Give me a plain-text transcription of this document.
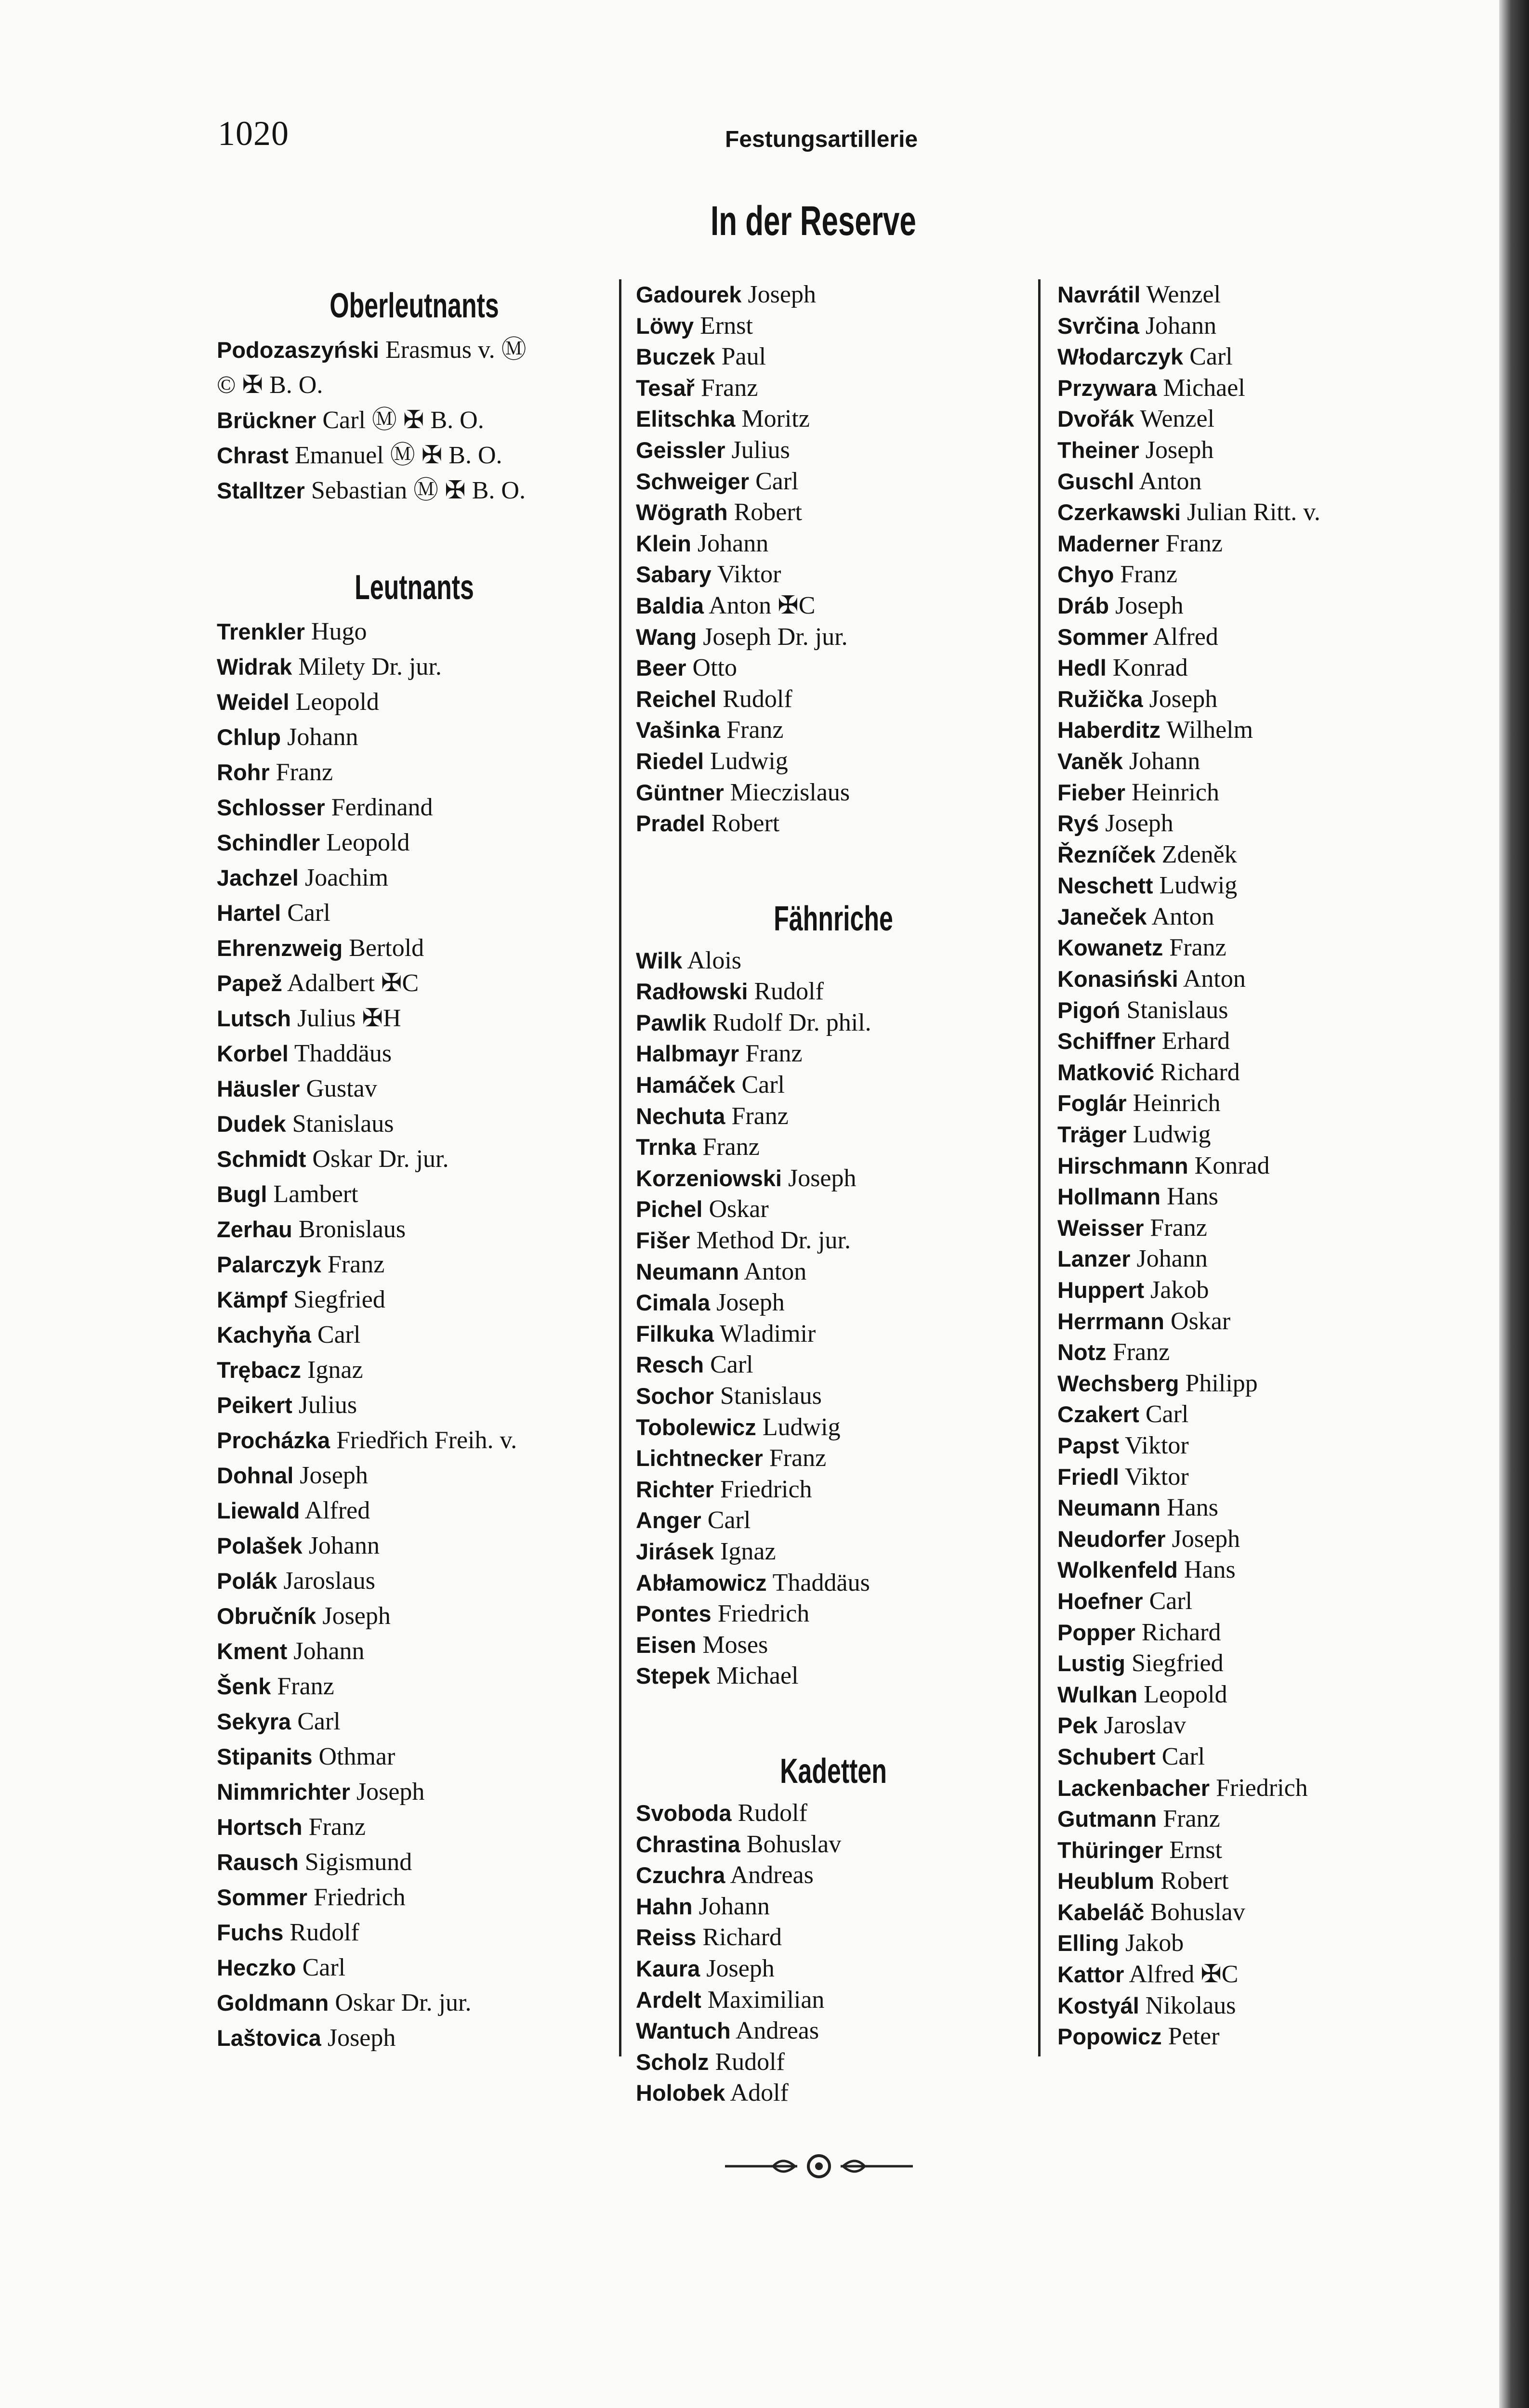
1020	Festungsartillerie
In der Reserve
Oberleutnants
Podozaszyński Erasmus v. Ⓜ
© ✠ B. O.
Brückner Carl Ⓜ ✠ B. O.
Chrast Emanuel Ⓜ ✠ B. O.
Stalltzer Sebastian Ⓜ ✠ B. O.
Leutnants
Trenkler Hugo
Widrak Milety Dr. jur.
Weidel Leopold
Chlup Johann
Rohr Franz
Schlosser Ferdinand
Schindler Leopold
Jachzel Joachim
Hartel Carl
Ehrenzweig Bertold
Papež Adalbert ✠C
Lutsch Julius ✠H
Korbel Thaddäus
Häusler Gustav
Dudek Stanislaus
Schmidt Oskar Dr. jur.
Bugl Lambert
Zerhau Bronislaus
Palarczyk Franz
Kämpf Siegfried
Kachyňa Carl
Trębacz Ignaz
Peikert Julius
Procházka Friedřich Freih. v.
Dohnal Joseph
Liewald Alfred
Polašek Johann
Polák Jaroslaus
Obručník Joseph
Kment Johann
Šenk Franz
Sekyra Carl
Stipanits Othmar
Nimmrichter Joseph
Hortsch Franz
Rausch Sigismund
Sommer Friedrich
Fuchs Rudolf
Heczko Carl
Goldmann Oskar Dr. jur.
Laštovica Joseph
Gadourek Joseph
Löwy Ernst
Buczek Paul
Tesař Franz
Elitschka Moritz
Geissler Julius
Schweiger Carl
Wögrath Robert
Klein Johann
Sabary Viktor
Baldia Anton ✠C
Wang Joseph Dr. jur.
Beer Otto
Reichel Rudolf
Vašinka Franz
Riedel Ludwig
Güntner Mieczislaus
Pradel Robert
Fähnriche
Wilk Alois
Radłowski Rudolf
Pawlik Rudolf Dr. phil.
Halbmayr Franz
Hamáček Carl
Nechuta Franz
Trnka Franz
Korzeniowski Joseph
Pichel Oskar
Fišer Method Dr. jur.
Neumann Anton
Cimala Joseph
Filkuka Wladimir
Resch Carl
Sochor Stanislaus
Tobolewicz Ludwig
Lichtnecker Franz
Richter Friedrich
Anger Carl
Jirásek Ignaz
Abłamowicz Thaddäus
Pontes Friedrich
Eisen Moses
Stepek Michael
Kadetten
Svoboda Rudolf
Chrastina Bohuslav
Czuchra Andreas
Hahn Johann
Reiss Richard
Kaura Joseph
Ardelt Maximilian
Wantuch Andreas
Scholz Rudolf
Holobek Adolf
Navrátil Wenzel
Svrčina Johann
Włodarczyk Carl
Przywara Michael
Dvořák Wenzel
Theiner Joseph
Guschl Anton
Czerkawski Julian Ritt. v.
Maderner Franz
Chyo Franz
Dráb Joseph
Sommer Alfred
Hedl Konrad
Ružička Joseph
Haberditz Wilhelm
Vaněk Johann
Fieber Heinrich
Ryś Joseph
Řezníček Zdeněk
Neschett Ludwig
Janeček Anton
Kowanetz Franz
Konasiński Anton
Pigoń Stanislaus
Schiffner Erhard
Matković Richard
Foglár Heinrich
Träger Ludwig
Hirschmann Konrad
Hollmann Hans
Weisser Franz
Lanzer Johann
Huppert Jakob
Herrmann Oskar
Notz Franz
Wechsberg Philipp
Czakert Carl
Papst Viktor
Friedl Viktor
Neumann Hans
Neudorfer Joseph
Wolkenfeld Hans
Hoefner Carl
Popper Richard
Lustig Siegfried
Wulkan Leopold
Pek Jaroslav
Schubert Carl
Lackenbacher Friedrich
Gutmann Franz
Thüringer Ernst
Heublum Robert
Kabeláč Bohuslav
Elling Jakob
Kattor Alfred ✠C
Kostyál Nikolaus
Popowicz Peter
